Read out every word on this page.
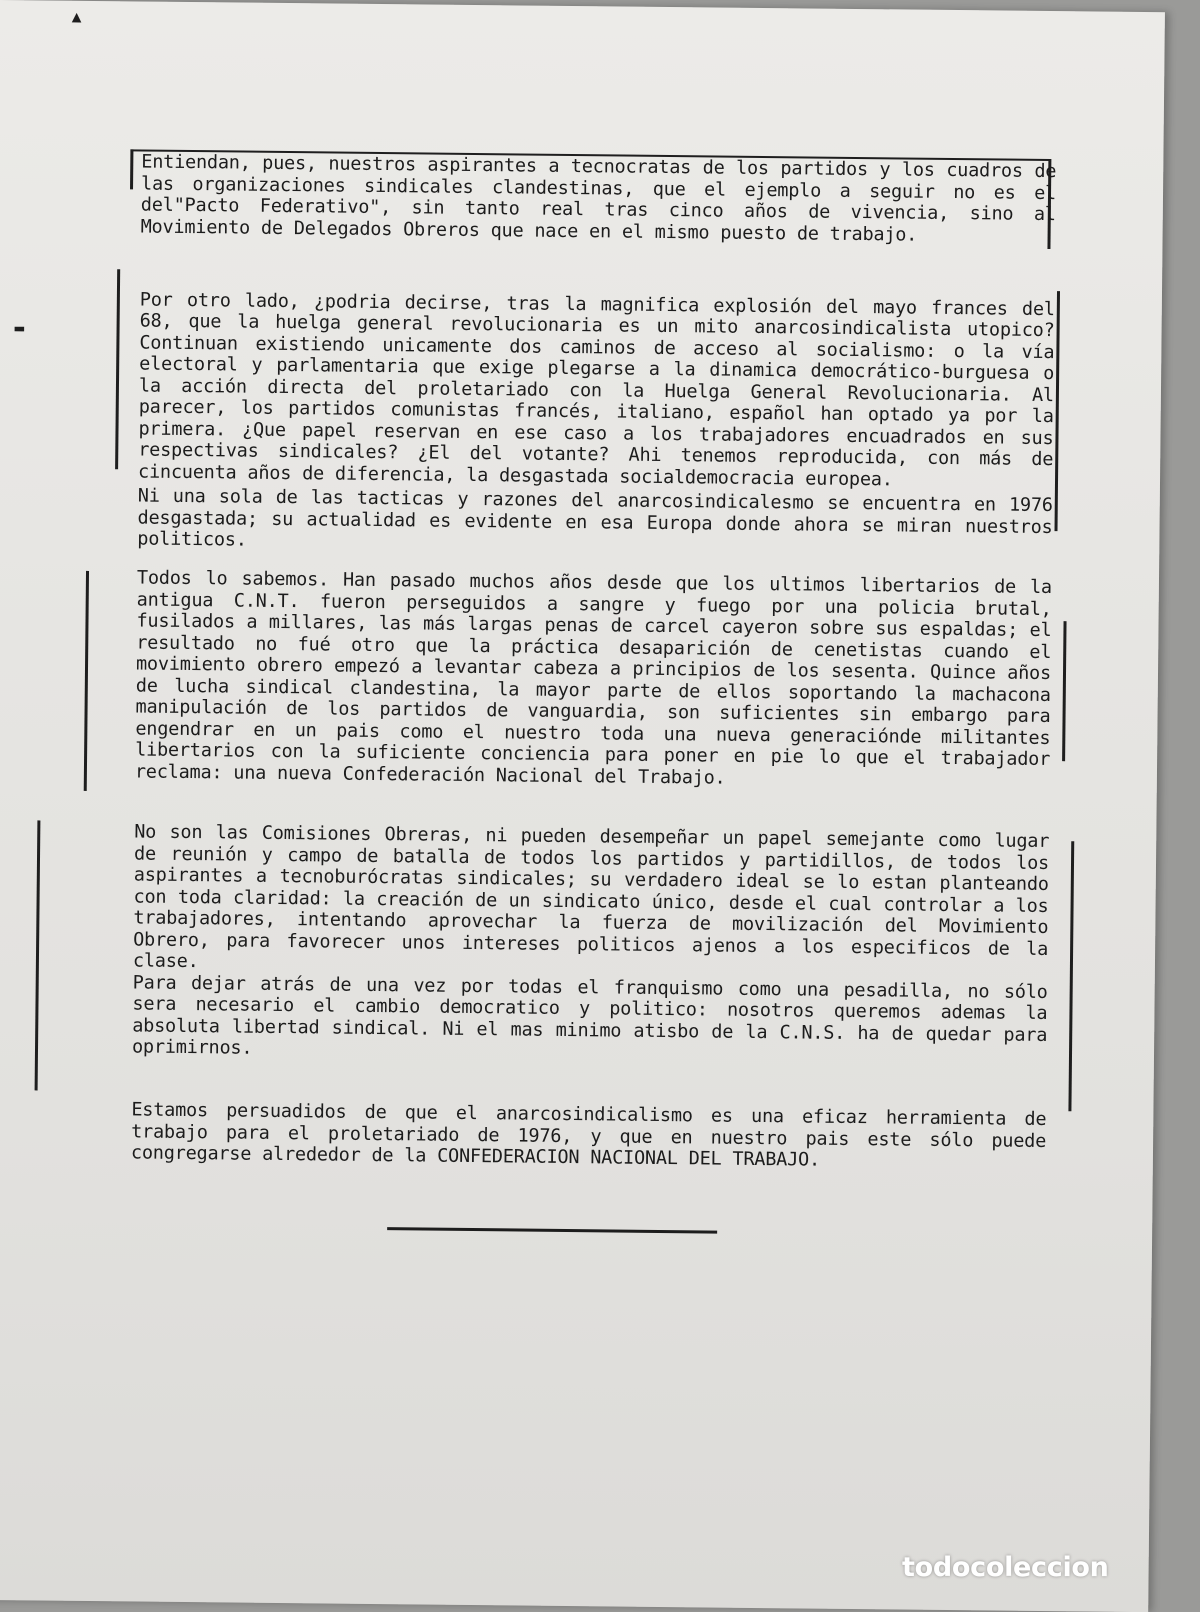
▲
▬
Entiendan, pues, nuestros aspirantes a tecnocratas de los partidos y los cuadros de las organizaciones sindicales clandestinas, que el ejemplo a seguir no es el del"Pacto Federativo", sin tanto real tras cinco años de vivencia, sino al Movimiento de Delegados Obreros que nace en el mismo puesto de trabajo.

Por otro lado, ¿podria decirse, tras la magnifica explosión del mayo frances del 68, que la huelga general revolucionaria es un mito anarcosindicalista utopico? Continuan existiendo unicamente dos caminos de acceso al socialismo: o la vía electoral y parlamentaria que exige plegarse a la dinamica democrático-burguesa o la acción directa del proletariado con la Huelga General Revolucionaria. Al parecer, los partidos comunistas francés, italiano, español han optado ya por la primera. ¿Que papel reservan en ese caso a los trabajadores encuadrados en sus respectivas sindicales? ¿El del votante? Ahi tenemos reproducida, con más de cincuenta años de diferencia, la desgastada socialdemocracia europea.

Ni una sola de las tacticas y razones del anarcosindicalesmo se encuentra en 1976 desgastada; su actualidad es evidente en esa Europa donde ahora se miran nuestros politicos.
Todos lo sabemos. Han pasado muchos años desde que los ultimos libertarios de la antigua C.N.T. fueron perseguidos a sangre y fuego por una policia brutal, fusilados a millares, las más largas penas de carcel cayeron sobre sus espaldas; el resultado no fué otro que la práctica desaparición de cenetistas cuando el movimiento obrero empezó a levantar cabeza a principios de los sesenta. Quince años de lucha sindical clandestina, la mayor parte de ellos soportando la machacona manipulación de los partidos de vanguardia, son suficientes sin embargo para engendrar en un pais como el nuestro toda una nueva generaciónde militantes libertarios con la suficiente conciencia para poner en pie lo que el trabajador reclama: una nueva Confederación Nacional del Trabajo.
No son las Comisiones Obreras, ni pueden desempeñar un papel semejante como lugar de reunión y campo de batalla de todos los partidos y partidillos, de todos los aspirantes a tecnoburócratas sindicales; su verdadero ideal se lo estan planteando con toda claridad: la creación de un sindicato único, desde el cual controlar a los trabajadores, intentando aprovechar la fuerza de movilización del Movimiento Obrero, para favorecer unos intereses politicos ajenos a los especificos de la clase.
Para dejar atrás de una vez por todas el franquismo como una pesadilla, no sólo sera necesario el cambio democratico y politico: nosotros queremos ademas la absoluta libertad sindical. Ni el mas minimo atisbo de la C.N.S. ha de quedar para oprimirnos.
Estamos persuadidos de que el anarcosindicalismo es una eficaz herramienta de trabajo para el proletariado de 1976, y que en nuestro pais este sólo puede congregarse alrededor de la CONFEDERACION NACIONAL DEL TRABAJO.
todocoleccion
